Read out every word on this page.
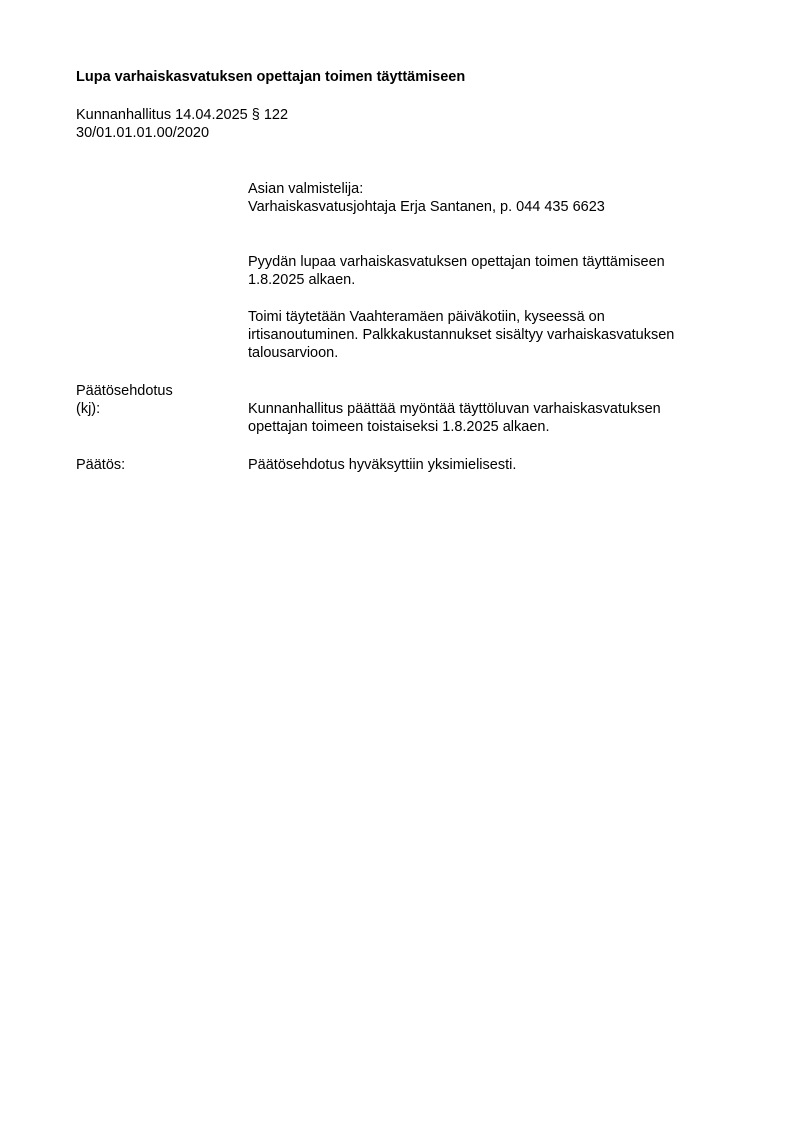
Lupa varhaiskasvatuksen opettajan toimen täyttämiseen
Kunnanhallitus 14.04.2025 § 122
30/01.01.01.00/2020
Asian valmistelija:
Varhaiskasvatusjohtaja Erja Santanen, p. 044 435 6623
Pyydän lupaa varhaiskasvatuksen opettajan toimen täyttämiseen
1.8.2025 alkaen.
Toimi täytetään Vaahteramäen päiväkotiin, kyseessä on
irtisanoutuminen. Palkkakustannukset sisältyy varhaiskasvatuksen
talousarvioon.
Päätösehdotus
(kj):	Kunnanhallitus päättää myöntää täyttöluvan varhaiskasvatuksen
opettajan toimeen toistaiseksi 1.8.2025 alkaen.
Päätös:	Päätösehdotus hyväksyttiin yksimielisesti.
